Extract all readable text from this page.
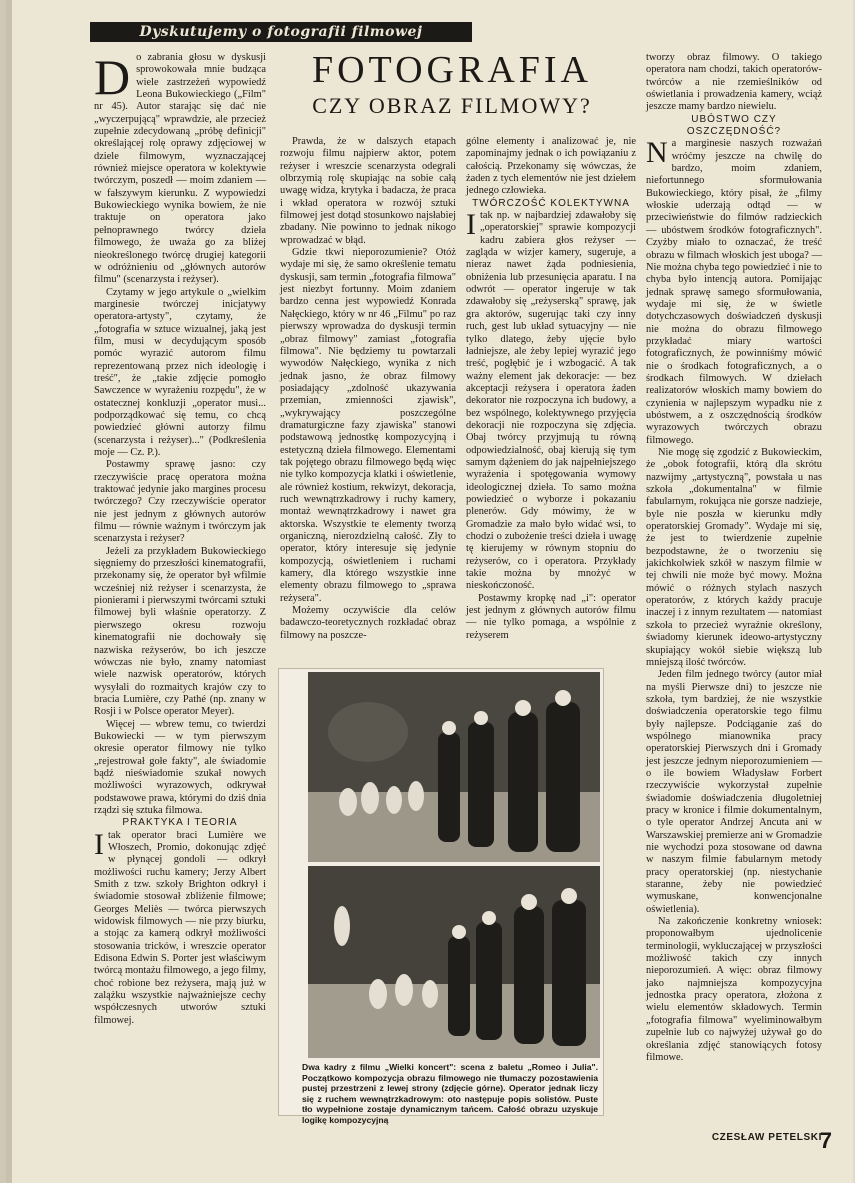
Dyskutujemy o fotografii filmowej
FOTOGRAFIA
CZY OBRAZ FILMOWY?

Do zabrania głosu w dyskusji sprowokowała mnie budząca wiele zastrzeżeń wypowiedź Leona Bukowieckiego („Film" nr 45). Autor starając się dać nie „wyczerpującą" wprawdzie, ale przecież zupełnie zdecydowaną „próbę definicji" określającej rolę oprawy zdjęciowej w dziele filmowym, wyznaczającej również miejsce operatora w kolektywie twórczym, poszedł — moim zdaniem — w fałszywym kierunku. Z wypowiedzi Bukowieckiego wynika bowiem, że nie traktuje on operatora jako pełnoprawnego twórcy dzieła filmowego, że uważa go za bliżej nieokreślonego twórcę drugiej kategorii w odróżnieniu od „głównych autorów filmu" (scenarzysta i reżyser).

Czytamy w jego artykule o „wielkim marginesie twórczej inicjatywy operatora-artysty", czytamy, że „fotografia w sztuce wizualnej, jaką jest film, musi w decydującym sposób pomóc wyrazić autorom filmu reprezentowaną przez nich ideologię i treść", że „takie zdjęcie pomogło Sawczence w wyrażeniu rozpędu", że w ostatecznej konkluzji „operator musi... podporządkować się temu, co chcą powiedzieć główni autorzy filmu (scenarzysta i reżyser)..." (Podkreślenia moje — Cz. P.).

Postawmy sprawę jasno: czy rzeczywiście pracę operatora można traktować jedynie jako margines procesu twórczego? Czy rzeczywiście operator nie jest jednym z głównych autorów filmu — równie ważnym i twórczym jak scenarzysta i reżyser?

Jeżeli za przykładem Bukowieckiego sięgniemy do przeszłości kinematografii, przekonamy się, że operator był wfilmie wcześniej niż reżyser i scenarzysta, że pionierami i pierwszymi twórcami sztuki filmowej byli właśnie operatorzy. Z pierwszego okresu rozwoju kinematografii nie dochowały się nazwiska reżyserów, bo ich jeszcze wówczas nie było, znamy natomiast wiele nazwisk operatorów, których wysyłali do rozmaitych krajów czy to bracia Lumière, czy Pathé (np. znany w Rosji i w Polsce operator Meyer).

Więcej — wbrew temu, co twierdzi Bukowiecki — w tym pierwszym okresie operator filmowy nie tylko „rejestrował gołe fakty", ale świadomie bądź nieświadomie szukał nowych możliwości wyrazowych, odkrywał podstawowe prawa, którymi do dziś dnia rządzi się sztuka filmowa.

PRAKTYKA I TEORIA

Itak operator braci Lumière we Włoszech, Promio, dokonując zdjęć w płynącej gondoli — odkrył możliwości ruchu kamery; Jerzy Albert Smith z tzw. szkoły Brighton odkrył i świadomie stosował zbliżenie filmowe; Georges Meliès — twórca pierwszych widowisk filmowych — nie przy biurku, a stojąc za kamerą odkrył możliwości stosowania tricków, i wreszcie operator Edisona Edwin S. Porter jest właściwym twórcą montażu filmowego, a jego filmy, choć robione bez reżysera, mają już w zalążku wszystkie najważniejsze cechy współczesnych utworów sztuki filmowej.

Prawda, że w dalszych etapach rozwoju filmu najpierw aktor, potem reżyser i wreszcie scenarzysta odegrali olbrzymią rolę skupiając na sobie całą uwagę widza, krytyka i badacza, że praca i wkład operatora w rozwój sztuki filmowej jest dotąd stosunkowo najsłabiej zbadany. Nie powinno to jednak nikogo wprowadzać w błąd.

Gdzie tkwi nieporozumienie? Otóż wydaje mi się, że samo określenie tematu dyskusji, sam termin „fotografia filmowa" jest niezbyt fortunny. Moim zdaniem bardzo cenna jest wypowiedź Konrada Nałęckiego, który w nr 46 „Filmu" po raz pierwszy wprowadza do dyskusji termin „obraz filmowy" zamiast „fotografia filmowa". Nie będziemy tu powtarzali wywodów Nałęckiego, wynika z nich jednak jasno, że obraz filmowy posiadający „zdolność ukazywania przemian, zmienności zjawisk", „wykrywający poszczególne dramaturgiczne fazy zjawiska" stanowi podstawową jednostkę kompozycyjną i estetyczną dzieła filmowego. Elementami tak pojętego obrazu filmowego będą więc nie tylko kompozycja klatki i oświetlenie, ale również kostium, rekwizyt, dekoracja, ruch wewnątrzkadrowy i ruchy kamery, montaż wewnątrzkadrowy i nawet gra aktorska. Wszystkie te elementy tworzą organiczną, nierozdzielną całość. Zły to operator, który interesuje się jedynie kompozycją, oświetleniem i ruchami kamery, dla którego wszystkie inne elementy obrazu filmowego to „sprawa reżysera".

Możemy oczywiście dla celów badawczo-teoretycznych rozkładać obraz filmowy na poszcze-

gólne elementy i analizować je, nie zapominajmy jednak o ich powiązaniu z całością. Przekonamy się wówczas, że żaden z tych elementów nie jest dziełem jednego człowieka.

TWÓRCZOŚĆ KOLEKTYWNA

Itak np. w najbardziej zdawałoby się „operatorskiej" sprawie kompozycji kadru zabiera głos reżyser — zagląda w wizjer kamery, sugeruje, a nieraz nawet żąda podniesienia, obniżenia lub przesunięcia aparatu. I na odwrót — operator ingeruje w tak zdawałoby się „reżyserską" sprawę, jak gra aktorów, sugerując taki czy inny ruch, gest lub układ sytuacyjny — nie tylko dlatego, żeby ujęcie było ładniejsze, ale żeby lepiej wyrazić jego treść, pogłębić je i wzbogacić. A tak ważny element jak dekoracje: — bez akceptacji reżysera i operatora żaden dekorator nie rozpoczyna ich budowy, a bez wspólnego, kolektywnego przyjęcia dekoracji nie rozpoczyna się zdjęcia. Obaj twórcy przyjmują tu równą odpowiedzialność, obaj kierują się tym samym dążeniem do jak najpełniejszego wyrażenia i spotęgowania wymowy ideologicznej dzieła. To samo można powiedzieć o wyborze i pokazaniu plenerów. Gdy mówimy, że w Gromadzie za mało było widać wsi, to chodzi o zubożenie treści dzieła i uwagę tę kierujemy w równym stopniu do reżyserów, co i operatora. Przykłady takie można by mnożyć w nieskończoność.

Postawmy kropkę nad „i": operator jest jednym z głównych autorów filmu — nie tylko pomaga, a wspólnie z reżyserem

tworzy obraz filmowy. O takiego operatora nam chodzi, takich operatorów-twórców a nie rzemieślników od oświetlania i prowadzenia kamery, wciąż jeszcze mamy bardzo niewielu.

UBÓSTWO CZY OSZCZĘDNOŚĆ?

Na marginesie naszych rozważań wróćmy jeszcze na chwilę do bardzo, moim zdaniem, niefortunnego sformułowania Bukowieckiego, który pisał, że „filmy włoskie uderzają odtąd — w przeciwieństwie do filmów radzieckich — ubóstwem środków fotograficznych". Czyżby miało to oznaczać, że treść obrazu w filmach włoskich jest uboga? — Nie można chyba tego powiedzieć i nie to chyba było intencją autora. Pomijając jednak sprawę samego sformułowania, wydaje mi się, że w świetle dotychczasowych doświadczeń dyskusji nie można do obrazu filmowego przykładać miary wartości fotograficznych, że powinniśmy mówić nie o środkach fotograficznych, a o środkach filmowych. W dziełach realizatorów włoskich mamy bowiem do czynienia w najlepszym wypadku nie z ubóstwem, a z oszczędnością środków wyrazowych twórczych obrazu filmowego.

Nie mogę się zgodzić z Bukowieckim, że „obok fotografii, którą dla skrótu nazwijmy „artystyczną", powstała u nas szkoła „dokumentalna" w filmie fabularnym, rokująca nie gorsze nadzieje, byle nie poszła w kierunku mdły operatorskiej Gromady". Wydaje mi się, że jest to twierdzenie zupełnie bezpodstawne, że o tworzeniu się jakichkolwiek szkół w naszym filmie w tej chwili nie może być mowy. Można mówić o różnych stylach naszych operatorów, z których każdy pracuje inaczej i z innym rezultatem — natomiast szkoła to przecież wyraźnie określony, świadomy kierunek ideowo-artystyczny skupiający wokół siebie większą lub mniejszą ilość twórców.

Jeden film jednego twórcy (autor miał na myśli Pierwsze dni) to jeszcze nie szkoła, tym bardziej, że nie wszystkie doświadczenia operatorskie tego filmu były najlepsze. Podciąganie zaś do wspólnego mianownika pracy operatorskiej Pierwszych dni i Gromady jest jeszcze jednym nieporozumieniem — o ile bowiem Władysław Forbert rzeczywiście wykorzystał zupełnie świadomie doświadczenia długoletniej pracy w kronice i filmie dokumentalnym, o tyle operator Andrzej Ancuta ani w Warszawskiej premierze ani w Gromadzie nie wychodzi poza stosowane od dawna w naszym filmie fabularnym metody pracy operatorskiej (np. niestychanie staranne, żeby nie powiedzieć wymuskane, konwencjonalne oświetlenia).

Na zakończenie konkretny wniosek: proponowałbym ujednolicenie terminologii, wykluczającej w przyszłości możliwość takich czy innych nieporozumień. A więc: obraz filmowy jako najmniejsza kompozycyjna jednostka pracy operatora, złożona z wielu elementów składowych. Termin „fotografia filmowa" wyeliminowałbym zupełnie lub co najwyżej używał go do określania zdjęć stanowiących fotosy filmowe.

Dwa kadry z filmu „Wielki koncert": scena z baletu „Romeo i Julia". Początkowo kompozycja obrazu filmowego nie tłumaczy pozostawienia pustej przestrzeni z lewej strony (zdjęcie górne). Operator jednak liczy się z ruchem wewnątrzkadrowym: oto następuje popis solistów. Puste tło wypełnione zostaje dynamicznym tańcem. Całość obrazu uzyskuje logikę kompozycyjną
CZESŁAW PETELSKI
7
